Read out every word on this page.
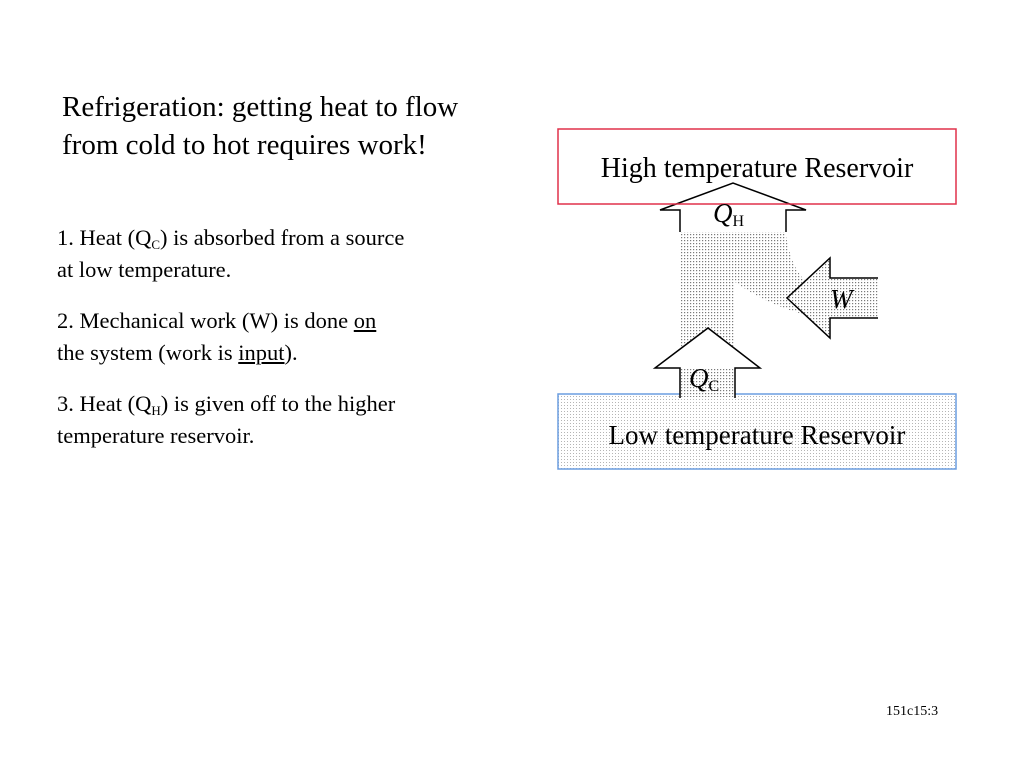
Refrigeration: getting heat to flow
from cold to hot requires work!
1. Heat $(Q_C)$ is absorbed from a source
at low temperature.
2. Mechanical work (W) is done on
the system (work is input).
3. Heat $(Q_H)$ is given off to the higher
temperature reservoir.
High temperature Reservoir
Low temperature Reservoir
QH
QC
W
151c15:3
